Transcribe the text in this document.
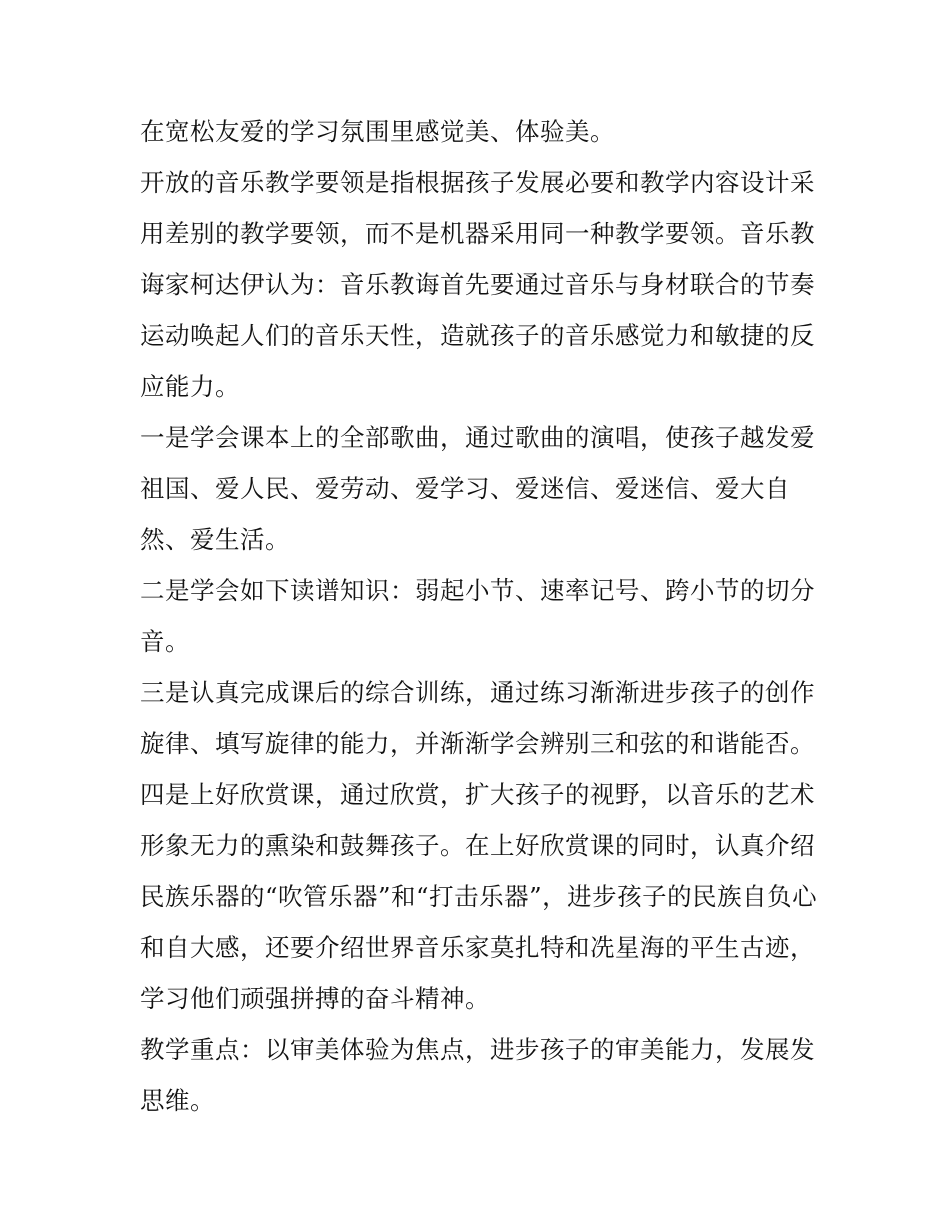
在宽松友爱的学习氛围里感觉美、体验美。

开放的音乐教学要领是指根据孩子发展必要和教学内容设计采用差别的教学要领，而不是机器采用同一种教学要领。音乐教诲家柯达伊认为：音乐教诲首先要通过音乐与身材联合的节奏运动唤起人们的音乐天性，造就孩子的音乐感觉力和敏捷的反应能力。

一是学会课本上的全部歌曲，通过歌曲的演唱，使孩子越发爱祖国、爱人民、爱劳动、爱学习、爱迷信、爱迷信、爱大自然、爱生活。

二是学会如下读谱知识：弱起小节、速率记号、跨小节的切分音。

三是认真完成课后的综合训练，通过练习渐渐进步孩子的创作旋律、填写旋律的能力，并渐渐学会辨别三和弦的和谐能否。

四是上好欣赏课，通过欣赏，扩大孩子的视野，以音乐的艺术形象无力的熏染和鼓舞孩子。在上好欣赏课的同时，认真介绍民族乐器的“吹管乐器”和“打击乐器”，进步孩子的民族自负心和自大感，还要介绍世界音乐家莫扎特和冼星海的平生古迹，学习他们顽强拼搏的奋斗精神。

教学重点：以审美体验为焦点，进步孩子的审美能力，发展发思维。
